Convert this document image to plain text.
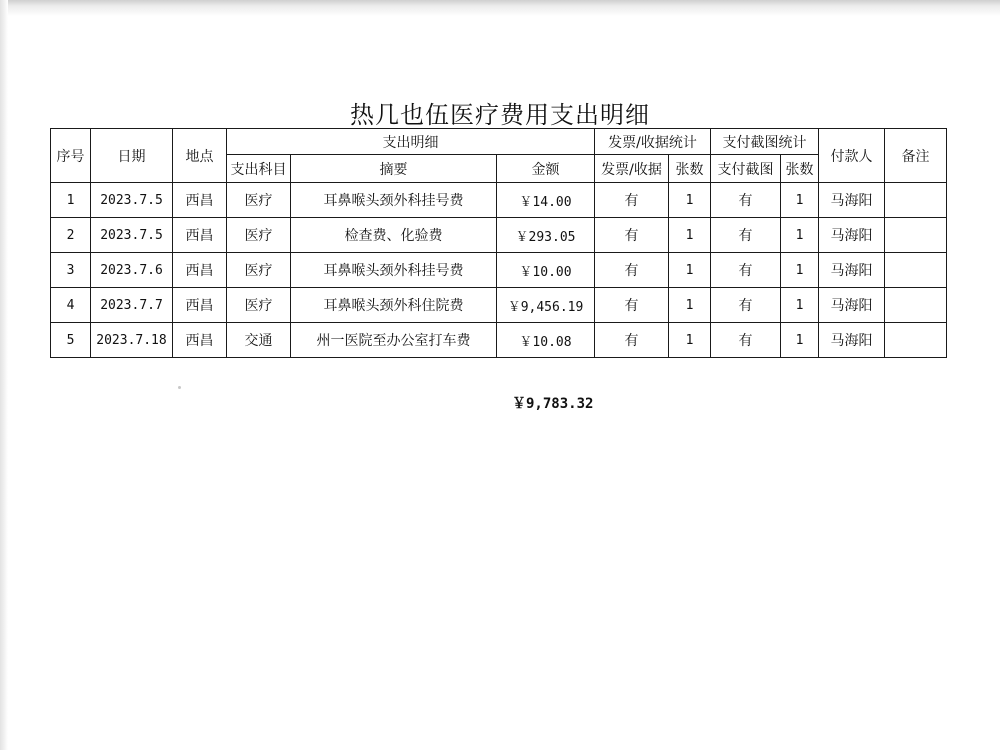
热几也伍医疗费用支出明细
序号	日期	地点	支出明细			发票/收据统计		支付截图统计		付款人	备注
			支出科目	摘要	金额	发票/收据	张数	支付截图	张数		
1	2023.7.5	西昌	医疗	耳鼻喉头颈外科挂号费	￥14.00	有	1	有	1	马海阳	
2	2023.7.5	西昌	医疗	检查费、化验费	￥293.05	有	1	有	1	马海阳	
3	2023.7.6	西昌	医疗	耳鼻喉头颈外科挂号费	￥10.00	有	1	有	1	马海阳	
4	2023.7.7	西昌	医疗	耳鼻喉头颈外科住院费	￥9,456.19	有	1	有	1	马海阳	
5	2023.7.18	西昌	交通	州一医院至办公室打车费	￥10.08	有	1	有	1	马海阳	
￥9,783.32
